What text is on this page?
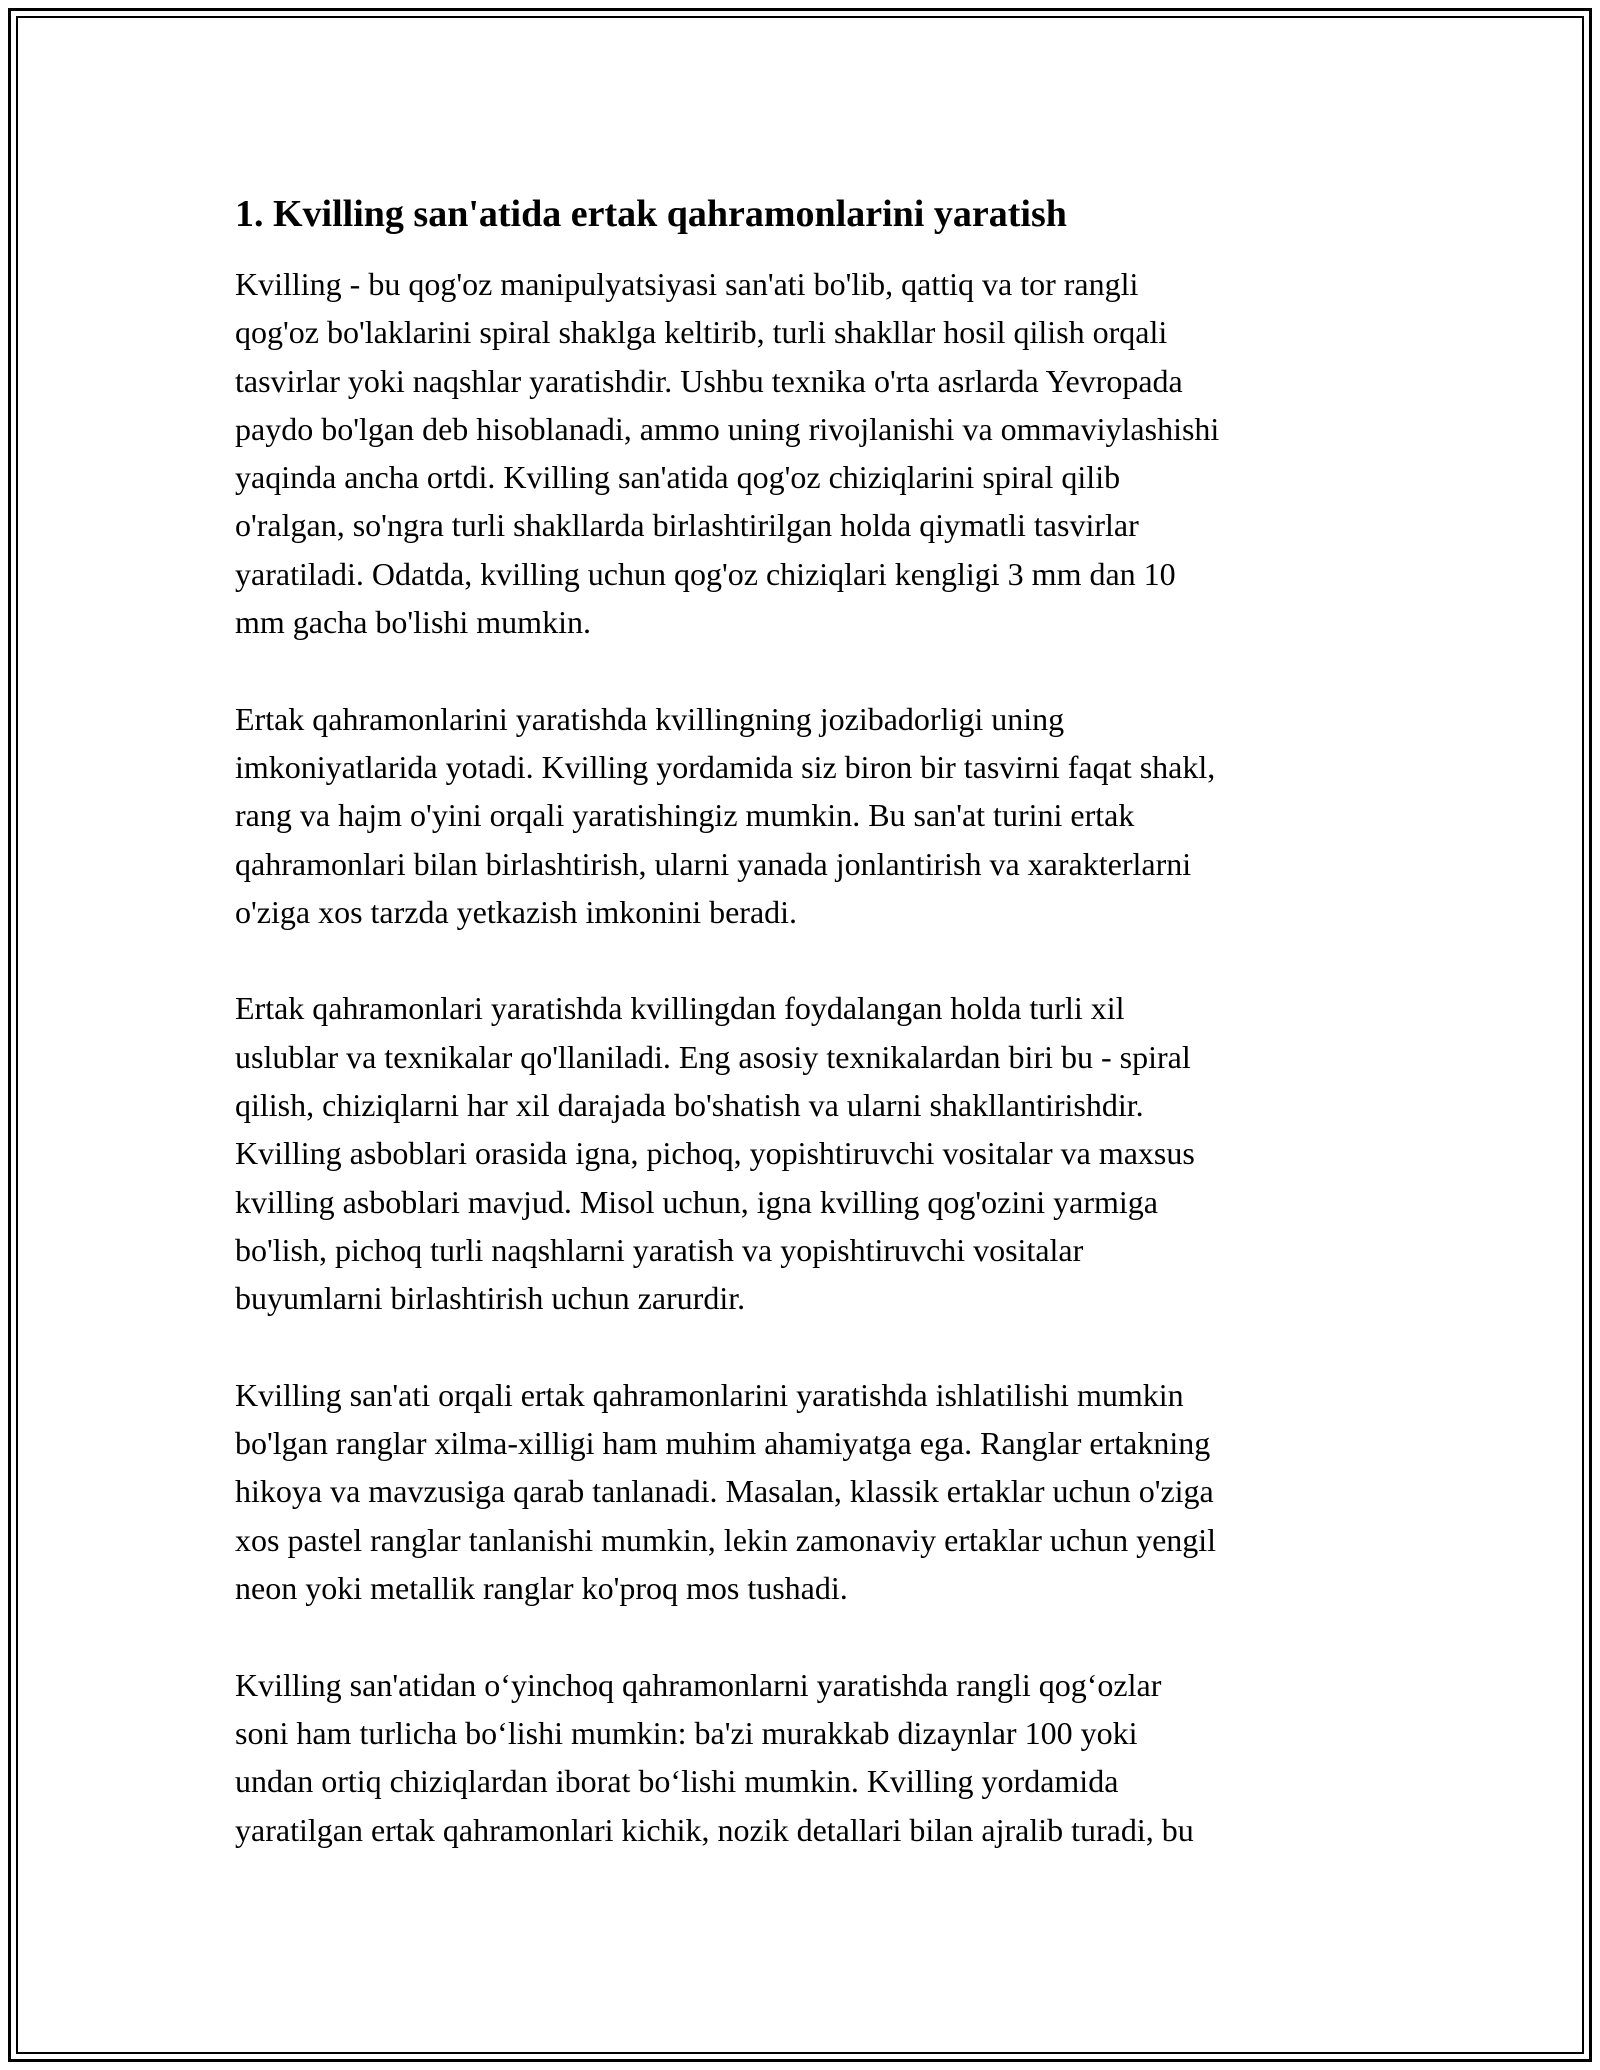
1. Kvilling san'atida ertak qahramonlarini yaratish

Kvilling - bu qog'oz manipulyatsiyasi san'ati bo'lib, qattiq va tor rangli
qog'oz bo'laklarini spiral shaklga keltirib, turli shakllar hosil qilish orqali
tasvirlar yoki naqshlar yaratishdir. Ushbu texnika o'rta asrlarda Yevropada
paydo bo'lgan deb hisoblanadi, ammo uning rivojlanishi va ommaviylashishi
yaqinda ancha ortdi. Kvilling san'atida qog'oz chiziqlarini spiral qilib
o'ralgan, so'ngra turli shakllarda birlashtirilgan holda qiymatli tasvirlar
yaratiladi. Odatda, kvilling uchun qog'oz chiziqlari kengligi 3 mm dan 10
mm gacha bo'lishi mumkin.

Ertak qahramonlarini yaratishda kvillingning jozibadorligi uning
imkoniyatlarida yotadi. Kvilling yordamida siz biron bir tasvirni faqat shakl,
rang va hajm o'yini orqali yaratishingiz mumkin. Bu san'at turini ertak
qahramonlari bilan birlashtirish, ularni yanada jonlantirish va xarakterlarni
o'ziga xos tarzda yetkazish imkonini beradi.

Ertak qahramonlari yaratishda kvillingdan foydalangan holda turli xil
uslublar va texnikalar qo'llaniladi. Eng asosiy texnikalardan biri bu - spiral
qilish, chiziqlarni har xil darajada bo'shatish va ularni shakllantirishdir.
Kvilling asboblari orasida igna, pichoq, yopishtiruvchi vositalar va maxsus
kvilling asboblari mavjud. Misol uchun, igna kvilling qog'ozini yarmiga
bo'lish, pichoq turli naqshlarni yaratish va yopishtiruvchi vositalar
buyumlarni birlashtirish uchun zarurdir.

Kvilling san'ati orqali ertak qahramonlarini yaratishda ishlatilishi mumkin
bo'lgan ranglar xilma-xilligi ham muhim ahamiyatga ega. Ranglar ertakning
hikoya va mavzusiga qarab tanlanadi. Masalan, klassik ertaklar uchun o'ziga
xos pastel ranglar tanlanishi mumkin, lekin zamonaviy ertaklar uchun yengil
neon yoki metallik ranglar ko'proq mos tushadi.

Kvilling san'atidan o‘yinchoq qahramonlarni yaratishda rangli qog‘ozlar
soni ham turlicha bo‘lishi mumkin: ba'zi murakkab dizaynlar 100 yoki
undan ortiq chiziqlardan iborat bo‘lishi mumkin. Kvilling yordamida
yaratilgan ertak qahramonlari kichik, nozik detallari bilan ajralib turadi, bu
